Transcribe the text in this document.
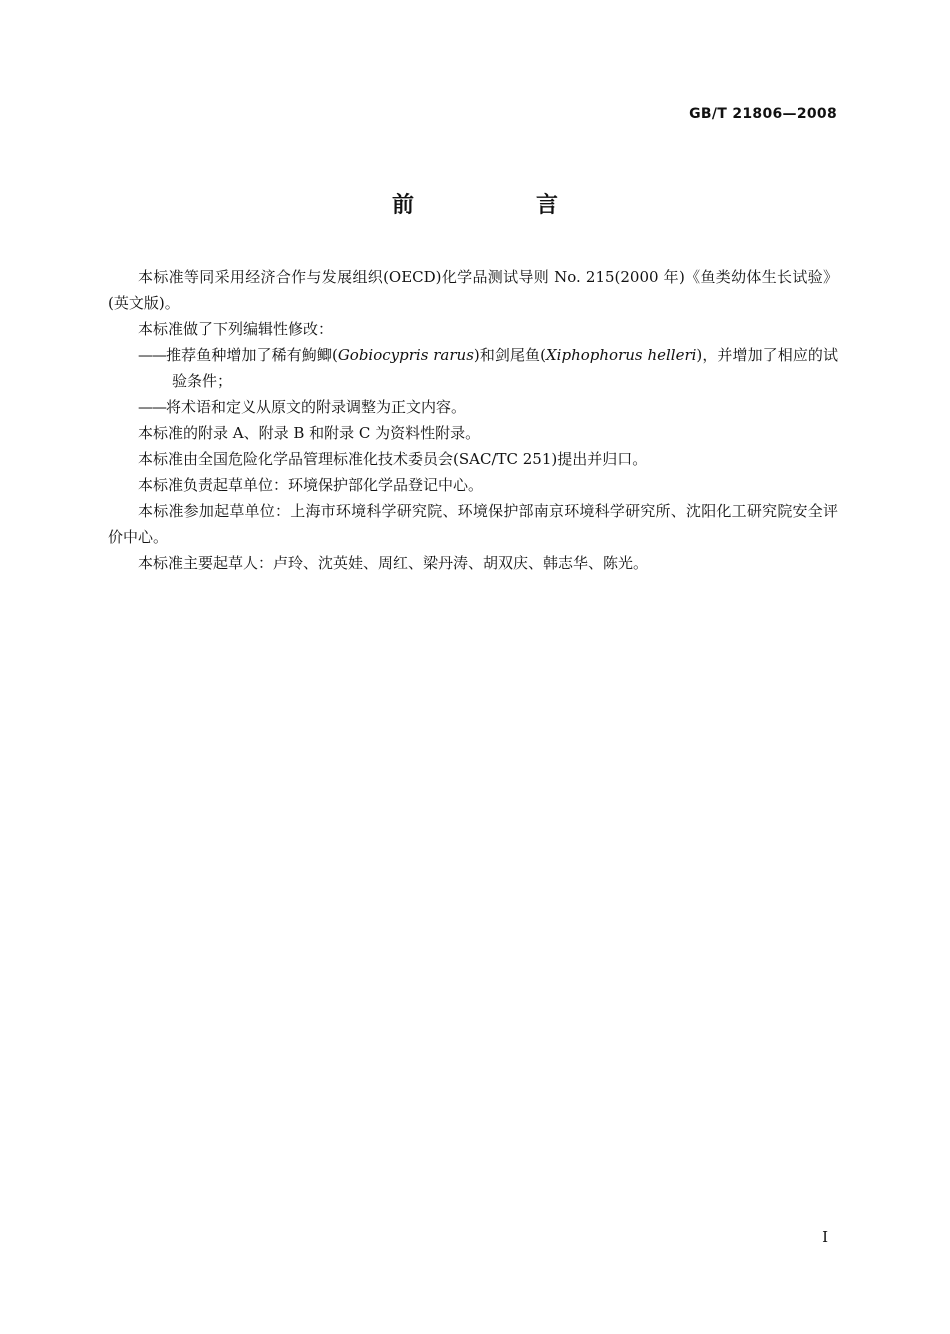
GB/T 21806—2008
前　言

本标准等同采用经济合作与发展组织(OECD)化学品测试导则 No. 215(2000 年)《鱼类幼体生长试验》(英文版)。

本标准做了下列编辑性修改：

——推荐鱼种增加了稀有鮈鲫(Gobiocypris rarus)和剑尾鱼(Xiphophorus helleri)，并增加了相应的试验条件；

——将术语和定义从原文的附录调整为正文内容。

本标准的附录 A、附录 B 和附录 C 为资料性附录。

本标准由全国危险化学品管理标准化技术委员会(SAC/TC 251)提出并归口。

本标准负责起草单位：环境保护部化学品登记中心。

本标准参加起草单位：上海市环境科学研究院、环境保护部南京环境科学研究所、沈阳化工研究院安全评价中心。

本标准主要起草人：卢玲、沈英娃、周红、梁丹涛、胡双庆、韩志华、陈光。

I
